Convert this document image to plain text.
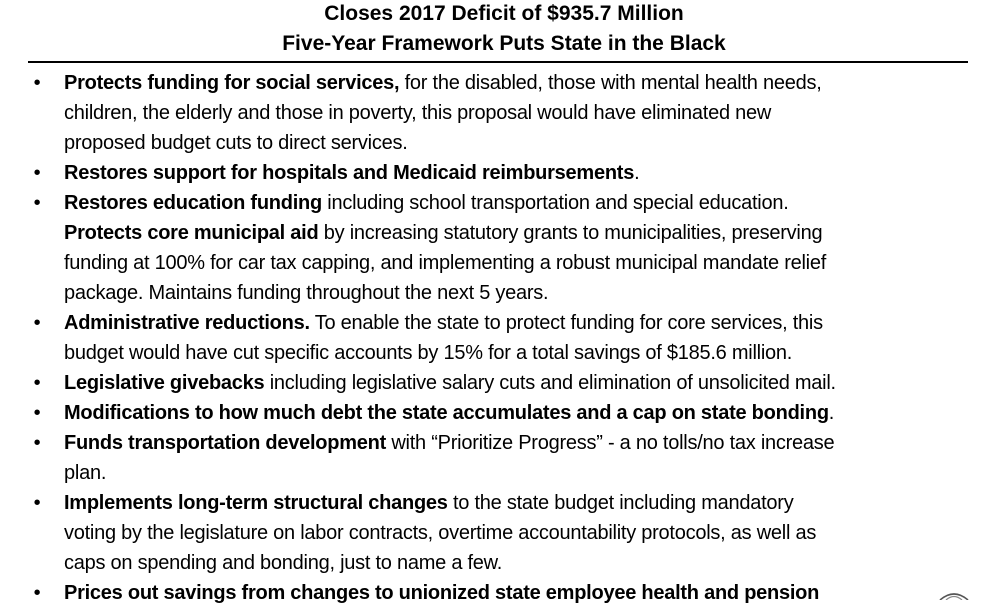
Closes 2017 Deficit of $935.7 Million
Five-Year Framework Puts State in the Black
• Protects funding for social services, for the disabled, those with mental health needs,
children, the elderly and those in poverty, this proposal would have eliminated new
proposed budget cuts to direct services.
• Restores support for hospitals and Medicaid reimbursements.
• Restores education funding including school transportation and special education.
Protects core municipal aid by increasing statutory grants to municipalities, preserving
funding at 100% for car tax capping, and implementing a robust municipal mandate relief
package. Maintains funding throughout the next 5 years.
• Administrative reductions. To enable the state to protect funding for core services, this
budget would have cut specific accounts by 15% for a total savings of $185.6 million.
• Legislative givebacks including legislative salary cuts and elimination of unsolicited mail.
• Modifications to how much debt the state accumulates and a cap on state bonding.
• Funds transportation development with “Prioritize Progress” - a no tolls/no tax increase
plan.
• Implements long-term structural changes to the state budget including mandatory
voting by the legislature on labor contracts, overtime accountability protocols, as well as
caps on spending and bonding, just to name a few.
• Prices out savings from changes to unionized state employee health and pension
